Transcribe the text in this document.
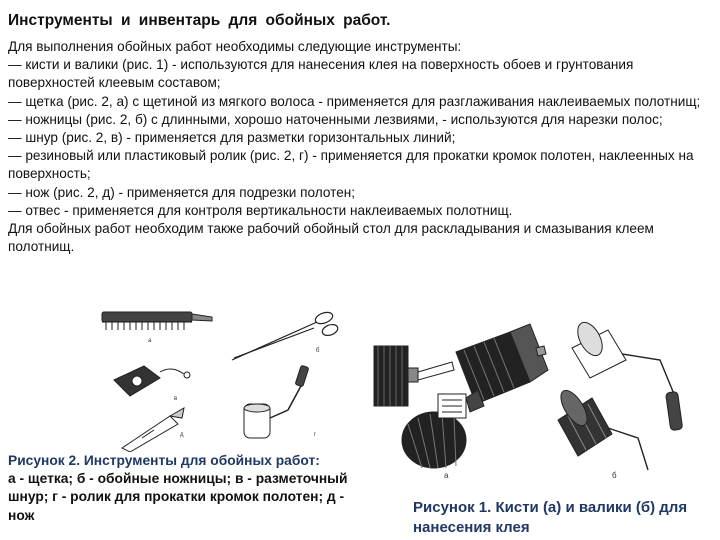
Инструменты и инвентарь для обойных работ.

Для выполнения обойных работ необходимы следующие инструменты:

— кисти и валики (рис. 1) - используются для нанесения клея на поверхность обоев и грунтования поверхностей клеевым составом;

— щетка (рис. 2, а) с щетиной из мягкого волоса - применяется для разглаживания наклеиваемых полотнищ;

— ножницы (рис. 2, б) с длинными, хорошо наточенными лезвиями, - используются для нарезки полос;

— шнур (рис. 2, в) - применяется для разметки горизонтальных линий;

— резиновый или пластиковый ролик (рис. 2, г) - применяется для прокатки кромок полотен, наклеенных на поверхность;

— нож (рис. 2, д) - применяется для подрезки полотен;

— отвес - применяется для контроля вертикальности наклеиваемых полотнищ.

Для обойных работ необходим также рабочий обойный стол для раскладывания и смазывания клеем полотнищ.

а
б
в
г
д
а	б
Рисунок 2. Инструменты для обойных работ:
а - щетка; б - обойные ножницы; в - разметочный шнур; г - ролик для прокатки кромок полотен; д - нож	Рисунок 1. Кисти (а) и валики (б) для нанесения клея
